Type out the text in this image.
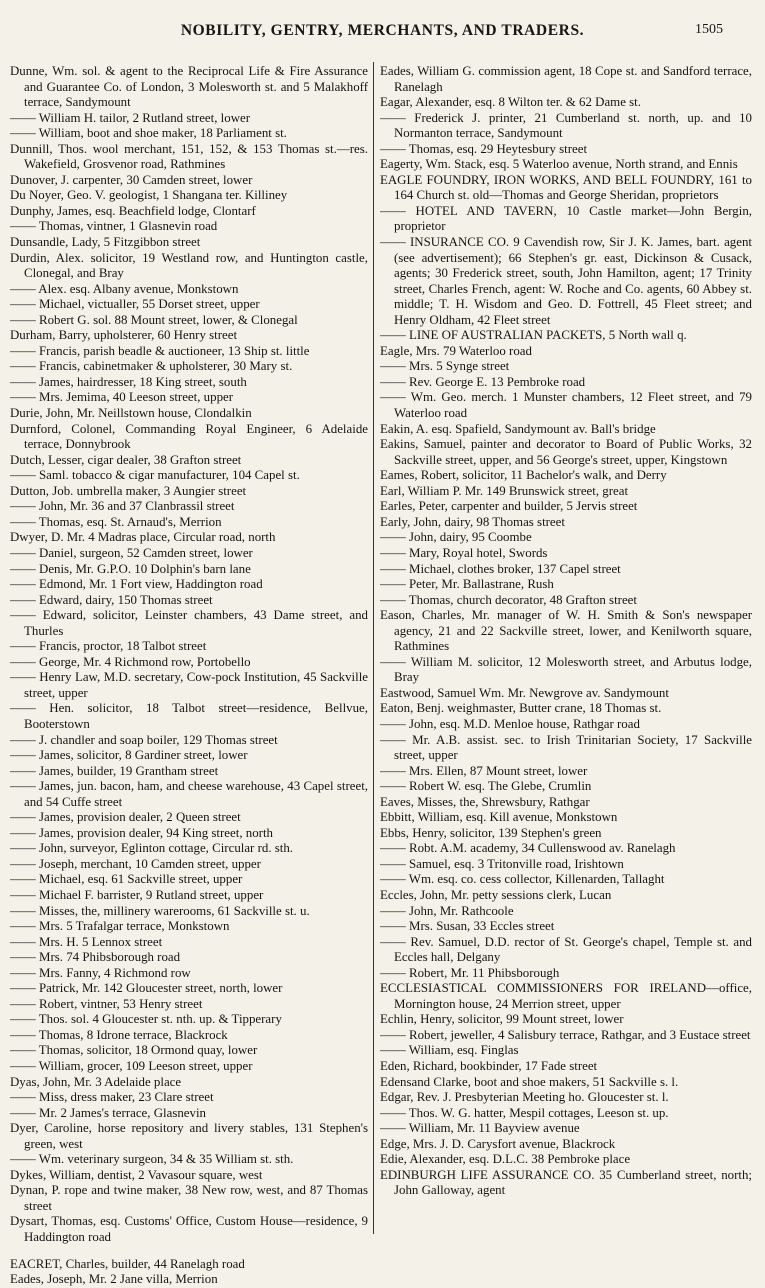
NOBILITY, GENTRY, MERCHANTS, AND TRADERS.	1505
Dunne, Wm. sol. & agent to the Reciprocal Life & Fire Assurance and Guarantee Co. of London, 3 Molesworth st. and 5 Malakhoff terrace, Sandymount
—— William H. tailor, 2 Rutland street, lower
—— William, boot and shoe maker, 18 Parliament st.
Dunnill, Thos. wool merchant, 151, 152, & 153 Thomas st.—res. Wakefield, Grosvenor road, Rathmines
Dunover, J. carpenter, 30 Camden street, lower
Du Noyer, Geo. V. geologist, 1 Shangana ter. Killiney
Dunphy, James, esq. Beachfield lodge, Clontarf
—— Thomas, vintner, 1 Glasnevin road
Dunsandle, Lady, 5 Fitzgibbon street
Durdin, Alex. solicitor, 19 Westland row, and Huntington castle, Clonegal, and Bray
—— Alex. esq. Albany avenue, Monkstown
—— Michael, victualler, 55 Dorset street, upper
—— Robert G. sol. 88 Mount street, lower, & Clonegal
Durham, Barry, upholsterer, 60 Henry street
—— Francis, parish beadle & auctioneer, 13 Ship st. little
—— Francis, cabinetmaker & upholsterer, 30 Mary st.
—— James, hairdresser, 18 King street, south
—— Mrs. Jemima, 40 Leeson street, upper
Durie, John, Mr. Neillstown house, Clondalkin
Durnford, Colonel, Commanding Royal Engineer, 6 Adelaide terrace, Donnybrook
Dutch, Lesser, cigar dealer, 38 Grafton street
—— Saml. tobacco & cigar manufacturer, 104 Capel st.
Dutton, Job. umbrella maker, 3 Aungier street
—— John, Mr. 36 and 37 Clanbrassil street
—— Thomas, esq. St. Arnaud's, Merrion
Dwyer, D. Mr. 4 Madras place, Circular road, north
—— Daniel, surgeon, 52 Camden street, lower
—— Denis, Mr. G.P.O. 10 Dolphin's barn lane
—— Edmond, Mr. 1 Fort view, Haddington road
—— Edward, dairy, 150 Thomas street
—— Edward, solicitor, Leinster chambers, 43 Dame street, and Thurles
—— Francis, proctor, 18 Talbot street
—— George, Mr. 4 Richmond row, Portobello
—— Henry Law, M.D. secretary, Cow-pock Institution, 45 Sackville street, upper
—— Hen. solicitor, 18 Talbot street—residence, Bellvue, Booterstown
—— J. chandler and soap boiler, 129 Thomas street
—— James, solicitor, 8 Gardiner street, lower
—— James, builder, 19 Grantham street
—— James, jun. bacon, ham, and cheese warehouse, 43 Capel street, and 54 Cuffe street
—— James, provision dealer, 2 Queen street
—— James, provision dealer, 94 King street, north
—— John, surveyor, Eglinton cottage, Circular rd. sth.
—— Joseph, merchant, 10 Camden street, upper
—— Michael, esq. 61 Sackville street, upper
—— Michael F. barrister, 9 Rutland street, upper
—— Misses, the, millinery warerooms, 61 Sackville st. u.
—— Mrs. 5 Trafalgar terrace, Monkstown
—— Mrs. H. 5 Lennox street
—— Mrs. 74 Phibsborough road
—— Mrs. Fanny, 4 Richmond row
—— Patrick, Mr. 142 Gloucester street, north, lower
—— Robert, vintner, 53 Henry street
—— Thos. sol. 4 Gloucester st. nth. up. & Tipperary
—— Thomas, 8 Idrone terrace, Blackrock
—— Thomas, solicitor, 18 Ormond quay, lower
—— William, grocer, 109 Leeson street, upper
Dyas, John, Mr. 3 Adelaide place
—— Miss, dress maker, 23 Clare street
—— Mr. 2 James's terrace, Glasnevin
Dyer, Caroline, horse repository and livery stables, 131 Stephen's green, west
—— Wm. veterinary surgeon, 34 & 35 William st. sth.
Dykes, William, dentist, 2 Vavasour square, west
Dynan, P. rope and twine maker, 38 New row, west, and 87 Thomas street
Dysart, Thomas, esq. Customs' Office, Custom House—residence, 9 Haddington road
EACRET, Charles, builder, 44 Ranelagh road
Eades, Joseph, Mr. 2 Jane villa, Merrion
Eades, William G. commission agent, 18 Cope st. and Sandford terrace, Ranelagh
Eagar, Alexander, esq. 8 Wilton ter. & 62 Dame st.
—— Frederick J. printer, 21 Cumberland st. north, up. and 10 Normanton terrace, Sandymount
—— Thomas, esq. 29 Heytesbury street
Eagerty, Wm. Stack, esq. 5 Waterloo avenue, North strand, and Ennis
EAGLE FOUNDRY, IRON WORKS, AND BELL FOUNDRY, 161 to 164 Church st. old—Thomas and George Sheridan, proprietors
—— HOTEL AND TAVERN, 10 Castle market—John Bergin, proprietor
—— INSURANCE CO. 9 Cavendish row, Sir J. K. James, bart. agent (see advertisement); 66 Stephen's gr. east, Dickinson & Cusack, agents; 30 Frederick street, south, John Hamilton, agent; 17 Trinity street, Charles French, agent: W. Roche and Co. agents, 60 Abbey st. middle; T. H. Wisdom and Geo. D. Fottrell, 45 Fleet street; and Henry Oldham, 42 Fleet street
—— LINE OF AUSTRALIAN PACKETS, 5 North wall q.
Eagle, Mrs. 79 Waterloo road
—— Mrs. 5 Synge street
—— Rev. George E. 13 Pembroke road
—— Wm. Geo. merch. 1 Munster chambers, 12 Fleet street, and 79 Waterloo road
Eakin, A. esq. Spafield, Sandymount av. Ball's bridge
Eakins, Samuel, painter and decorator to Board of Public Works, 32 Sackville street, upper, and 56 George's street, upper, Kingstown
Eames, Robert, solicitor, 11 Bachelor's walk, and Derry
Earl, William P. Mr. 149 Brunswick street, great
Earles, Peter, carpenter and builder, 5 Jervis street
Early, John, dairy, 98 Thomas street
—— John, dairy, 95 Coombe
—— Mary, Royal hotel, Swords
—— Michael, clothes broker, 137 Capel street
—— Peter, Mr. Ballastrane, Rush
—— Thomas, church decorator, 48 Grafton street
Eason, Charles, Mr. manager of W. H. Smith & Son's newspaper agency, 21 and 22 Sackville street, lower, and Kenilworth square, Rathmines
—— William M. solicitor, 12 Molesworth street, and Arbutus lodge, Bray
Eastwood, Samuel Wm. Mr. Newgrove av. Sandymount
Eaton, Benj. weighmaster, Butter crane, 18 Thomas st.
—— John, esq. M.D. Menloe house, Rathgar road
—— Mr. A.B. assist. sec. to Irish Trinitarian Society, 17 Sackville street, upper
—— Mrs. Ellen, 87 Mount street, lower
—— Robert W. esq. The Glebe, Crumlin
Eaves, Misses, the, Shrewsbury, Rathgar
Ebbitt, William, esq. Kill avenue, Monkstown
Ebbs, Henry, solicitor, 139 Stephen's green
—— Robt. A.M. academy, 34 Cullenswood av. Ranelagh
—— Samuel, esq. 3 Tritonville road, Irishtown
—— Wm. esq. co. cess collector, Killenarden, Tallaght
Eccles, John, Mr. petty sessions clerk, Lucan
—— John, Mr. Rathcoole
—— Mrs. Susan, 33 Eccles street
—— Rev. Samuel, D.D. rector of St. George's chapel, Temple st. and Eccles hall, Delgany
—— Robert, Mr. 11 Phibsborough
ECCLESIASTICAL COMMISSIONERS FOR IRELAND—office, Mornington house, 24 Merrion street, upper
Echlin, Henry, solicitor, 99 Mount street, lower
—— Robert, jeweller, 4 Salisbury terrace, Rathgar, and 3 Eustace street
—— William, esq. Finglas
Eden, Richard, bookbinder, 17 Fade street
Edensand Clarke, boot and shoe makers, 51 Sackville s. l.
Edgar, Rev. J. Presbyterian Meeting ho. Gloucester st. l.
—— Thos. W. G. hatter, Mespil cottages, Leeson st. up.
—— William, Mr. 11 Bayview avenue
Edge, Mrs. J. D. Carysfort avenue, Blackrock
Edie, Alexander, esq. D.L.C. 38 Pembroke place
EDINBURGH LIFE ASSURANCE CO. 35 Cumberland street, north; John Galloway, agent
